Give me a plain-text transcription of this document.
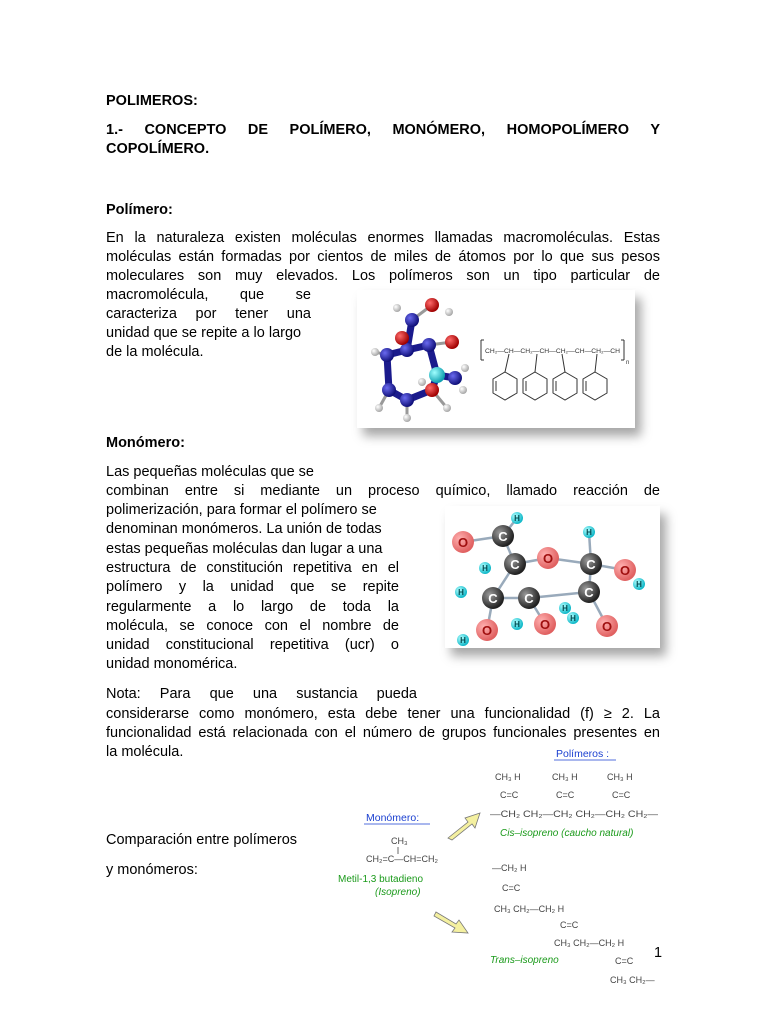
POLIMEROS:
1.- CONCEPTO DE POLÍMERO, MONÓMERO, HOMOPOLÍMERO Y
COPOLÍMERO.
Polímero:
En la naturaleza existen moléculas enormes llamadas macromoléculas. Estas
moléculas están formadas por cientos de miles de átomos por lo que sus pesos
moleculares son muy elevados. Los polímeros son un tipo particular de
macromolécula, que se
caracteriza por tener una
unidad que se repite a lo largo
de la molécula.	CH₂—CH—CH₂—CH—CH₂—CH—CH₂—CH
n
Monómero:
Las pequeñas moléculas que se
combinan entre si mediante un proceso químico, llamado reacción de
polimerización, para formar el polímero se
denominan monómeros. La unión de todas
estas pequeñas moléculas dan lugar a una
estructura de constitución repetitiva en el
polímero y la unidad que se repite
regularmente a lo largo de toda la
molécula, se conoce con el nombre de
unidad constitucional repetitiva (ucr) o
unidad monomérica.
C
C	C
C
C
C
O
O
O
O
O	O
H
H
H
H
H
H
H
H
H
Nota: Para que una sustancia pueda
considerarse como monómero, esta debe tener una funcionalidad (f) ≥ 2. La
funcionalidad está relacionada con el número de grupos funcionales presentes en
la molécula.
Comparación entre polímeros
y monómeros:
Polímeros :
Monómero:
CH₃
CH₂=C—CH=CH₂
Metil-1,3 butadieno
(Isopreno)
CH₃ H	CH₃ H	CH₃ H
C=C	C=C	C=C
—CH₂ CH₂—CH₂ CH₂—CH₂ CH₂—
Cis–isopreno (caucho natural)
—CH₂ H
C=C
CH₃ CH₂—CH₂ H
C=C
CH₃ CH₂—CH₂ H
C=C
CH₃ CH₂—
Trans–isopreno	1
